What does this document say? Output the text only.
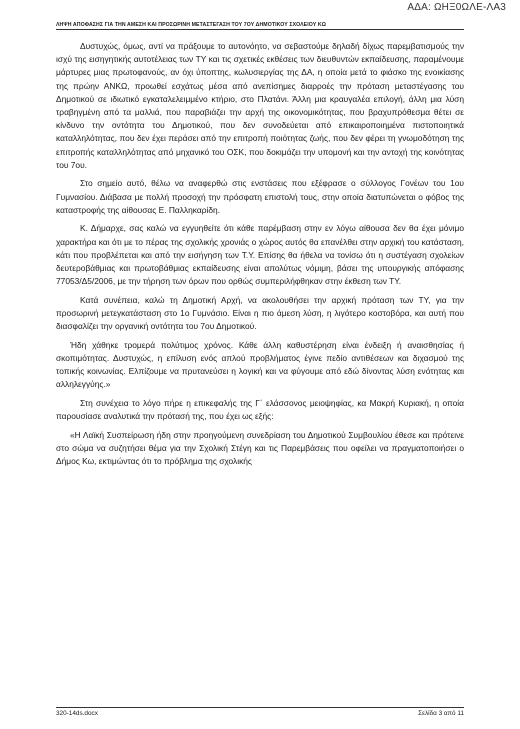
ΑΔΑ: ΩΗΞ0ΩΛΕ-ΛΑ3
ΛΗΨΗ ΑΠΟΦΑΣΗΣ ΓΙΑ ΤΗΝ ΑΜΕΣΗ ΚΑΙ ΠΡΟΣΩΡΙΝΗ ΜΕΤΑΣΤΕΓΑΣΗ ΤΟΥ 7ΟΥ ΔΗΜΟΤΙΚΟΥ ΣΧΟΛΕΙΟΥ ΚΩ

Δυστυχώς, όμως, αντί να πράξουμε το αυτονόητο, να σεβαστούμε δηλαδή δίχως παρεμβατισμούς την ισχύ της εισηγητικής αυτοτέλειας των ΤΥ και τις σχετικές εκθέσεις των διευθυντών εκπαίδευσης, παραμένουμε μάρτυρες μιας πρωτοφανούς, αν όχι ύποπτης, κωλυσιεργίας της ΔΑ, η οποία μετά το φιάσκο της ενοικίασης της πρώην ΑΝΚΩ, προωθεί εσχάτως μέσα από ανεπίσημες διαρροές την πρόταση μεταστέγασης του Δημοτικού σε ιδιωτικό εγκαταλελειμμένο κτήριο, στο Πλατάνι. Άλλη μια κραυγαλέα επιλογή, άλλη μια λύση τραβηγμένη από τα μαλλιά, που παραβιάζει την αρχή της οικονομικότητας, που βραχυπρόθεσμα θέτει σε κίνδυνο την οντότητα του Δημοτικού, που δεν συνοδεύεται από επικαιροποιημένα πιστοποιητικά καταλληλότητας, που δεν έχει περάσει από την επιτροπή ποιότητας ζωής, που δεν φέρει τη γνωμοδότηση της επιτροπής καταλληλότητας από μηχανικό του ΟΣΚ, που δοκιμάζει την υπομονή και την αντοχή της κοινότητας του 7ου.

Στο σημείο αυτό, θέλω να αναφερθώ στις ενστάσεις που εξέφρασε ο σύλλογος Γονέων του 1ου Γυμνασίου. Διάβασα με πολλή προσοχή την πρόσφατη επιστολή τους, στην οποία διατυπώνεται ο φόβος της καταστροφής της αίθουσας Ε. Παλληκαρίδη.

Κ. Δήμαρχε, σας καλώ να εγγυηθείτε ότι κάθε παρέμβαση στην εν λόγω αίθουσα δεν θα έχει μόνιμο χαρακτήρα και ότι με το πέρας της σχολικής χρονιάς ο χώρος αυτός θα επανέλθει στην αρχική του κατάσταση, κάτι που προβλέπεται και από την εισήγηση των Τ.Υ. Επίσης θα ήθελα να τονίσω ότι η συστέγαση σχολείων δευτεροβάθμιας και πρωτοβάθμιας εκπαίδευσης είναι απολύτως νόμιμη, βάσει της υπουργικής απόφασης 77053/Δ5/2006, με την τήρηση των όρων που ορθώς συμπεριλήφθηκαν στην έκθεση των ΤΥ.

Κατά συνέπεια, καλώ τη Δημοτική Αρχή, να ακολουθήσει την αρχική πρόταση των ΤΥ, για την προσωρινή μετεγκατάσταση στο 1ο Γυμνάσιο. Είναι η πιο άμεση λύση, η λιγότερο κοστοβόρα, και αυτή που διασφαλίζει την οργανική οντότητα του 7ου Δημοτικού.

Ήδη χάθηκε τρομερά πολύτιμος χρόνος. Κάθε άλλη καθυστέρηση είναι ένδειξη ή αναισθησίας ή σκοπιμότητας. Δυστυχώς, η επίλυση ενός απλού προβλήματος έγινε πεδίο αντιθέσεων και διχασμού της τοπικής κοινωνίας. Ελπίζουμε να πρυτανεύσει η λογική και να φύγουμε από εδώ δίνοντας λύση ενότητας και αλληλεγγύης.»

Στη συνέχεια το λόγο πήρε η επικεφαλής της Γ΄ ελάσσονος μειοψηφίας, κα Μακρή Κυριακή, η οποία παρουσίασε αναλυτικά την πρότασή της, που έχει ως εξής:

«Η Λαϊκή Συσπείρωση ήδη στην προηγούμενη συνεδρίαση του Δημοτικού Συμβουλίου έθεσε και πρότεινε στο σώμα να συζητήσει θέμα για την Σχολική Στέγη και τις Παρεμβάσεις που οφείλει να πραγματοποιήσει ο Δήμος Κω, εκτιμώντας ότι το πρόβλημα της σχολικής

320-14ds.docx	Σελίδα 3 από 11
